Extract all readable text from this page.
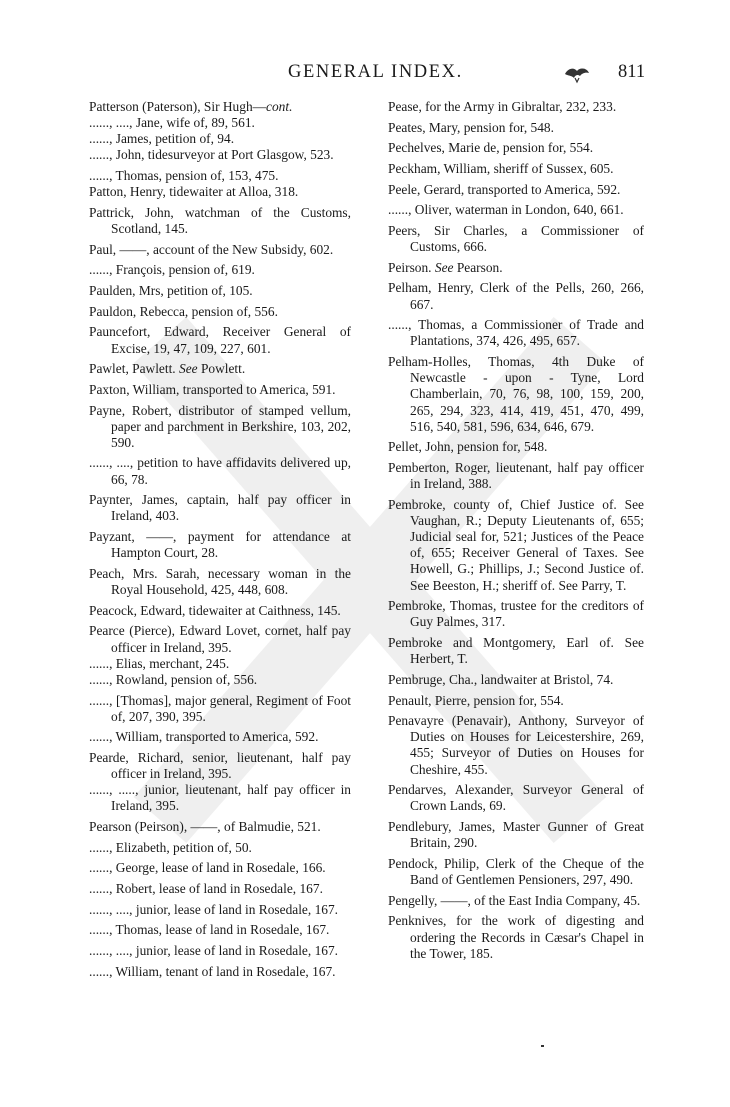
GENERAL INDEX.	811
Patterson (Paterson), Sir Hugh—cont.
......, ...., Jane, wife of, 89, 561.
......, James, petition of, 94.
......, John, tidesurveyor at Port Glasgow, 523.
......, Thomas, pension of, 153, 475.
Patton, Henry, tidewaiter at Alloa, 318.
Pattrick, John, watchman of the Customs, Scotland, 145.
Paul, ——, account of the New Subsidy, 602.
......, François, pension of, 619.
Paulden, Mrs, petition of, 105.
Pauldon, Rebecca, pension of, 556.
Pauncefort, Edward, Receiver General of Excise, 19, 47, 109, 227, 601.
Pawlet, Pawlett. See Powlett.
Paxton, William, transported to America, 591.
Payne, Robert, distributor of stamped vellum, paper and parchment in Berkshire, 103, 202, 590.
......, ...., petition to have affidavits delivered up, 66, 78.
Paynter, James, captain, half pay officer in Ireland, 403.
Payzant, ——, payment for attendance at Hampton Court, 28.
Peach, Mrs. Sarah, necessary woman in the Royal Household, 425, 448, 608.
Peacock, Edward, tidewaiter at Caithness, 145.
Pearce (Pierce), Edward Lovet, cornet, half pay officer in Ireland, 395.
......, Elias, merchant, 245.
......, Rowland, pension of, 556.
......, [Thomas], major general, Regiment of Foot of, 207, 390, 395.
......, William, transported to America, 592.
Pearde, Richard, senior, lieutenant, half pay officer in Ireland, 395.
......, ....., junior, lieutenant, half pay officer in Ireland, 395.
Pearson (Peirson), ——, of Balmudie, 521.
......, Elizabeth, petition of, 50.
......, George, lease of land in Rosedale, 166.
......, Robert, lease of land in Rosedale, 167.
......, ...., junior, lease of land in Rosedale, 167.
......, Thomas, lease of land in Rosedale, 167.
......, ...., junior, lease of land in Rosedale, 167.
......, William, tenant of land in Rosedale, 167.
Pease, for the Army in Gibraltar, 232, 233.
Peates, Mary, pension for, 548.
Pechelves, Marie de, pension for, 554.
Peckham, William, sheriff of Sussex, 605.
Peele, Gerard, transported to America, 592.
......, Oliver, waterman in London, 640, 661.
Peers, Sir Charles, a Commissioner of Customs, 666.
Peirson. See Pearson.
Pelham, Henry, Clerk of the Pells, 260, 266, 667.
......, Thomas, a Commissioner of Trade and Plantations, 374, 426, 495, 657.
Pelham-Holles, Thomas, 4th Duke of Newcastle - upon - Tyne, Lord Chamberlain, 70, 76, 98, 100, 159, 200, 265, 294, 323, 414, 419, 451, 470, 499, 516, 540, 581, 596, 634, 646, 679.
Pellet, John, pension for, 548.
Pemberton, Roger, lieutenant, half pay officer in Ireland, 388.
Pembroke, county of, Chief Justice of. See Vaughan, R.; Deputy Lieutenants of, 655; Judicial seal for, 521; Justices of the Peace of, 655; Receiver General of Taxes. See Howell, G.; Phillips, J.; Second Justice of. See Beeston, H.; sheriff of. See Parry, T.
Pembroke, Thomas, trustee for the creditors of Guy Palmes, 317.
Pembroke and Montgomery, Earl of. See Herbert, T.
Pembruge, Cha., landwaiter at Bristol, 74.
Penault, Pierre, pension for, 554.
Penavayre (Penavair), Anthony, Surveyor of Duties on Houses for Leicestershire, 269, 455; Surveyor of Duties on Houses for Cheshire, 455.
Pendarves, Alexander, Surveyor General of Crown Lands, 69.
Pendlebury, James, Master Gunner of Great Britain, 290.
Pendock, Philip, Clerk of the Cheque of the Band of Gentlemen Pensioners, 297, 490.
Pengelly, ——, of the East India Company, 45.
Penknives, for the work of digesting and ordering the Records in Cæsar's Chapel in the Tower, 185.
